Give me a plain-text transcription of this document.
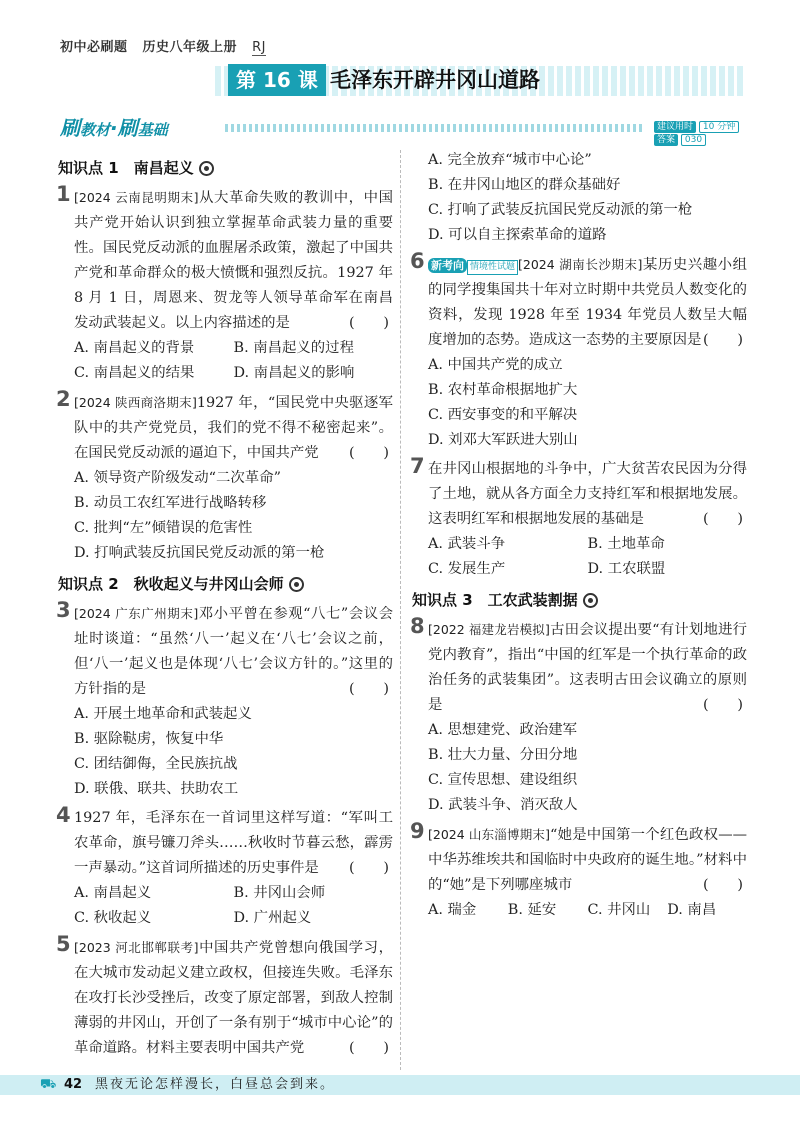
初中必刷题 历史八年级上册 RJ
第 16 课 毛泽东开辟井冈山道路
刷教材·刷基础	建议用时 10 分钟 答案 030
知识点 1　南昌起义
1 [2024 云南昆明期末]从大革命失败的教训中，中国共产党开始认识到独立掌握革命武装力量的重要性。国民党反动派的血腥屠杀政策，激起了中国共产党和革命群众的极大愤慨和强烈反抗。1927 年 8 月 1 日，周恩来、贺龙等人领导革命军在南昌发动武装起义。以上内容描述的是	(　　)
A. 南昌起义的背景	B. 南昌起义的过程
C. 南昌起义的结果	D. 南昌起义的影响
2 [2024 陕西商洛期末]1927 年，“国民党中央驱逐军队中的共产党党员，我们的党不得不秘密起来”。在国民党反动派的逼迫下，中国共产党 (　　)
A. 领导资产阶级发动“二次革命”
B. 动员工农红军进行战略转移
C. 批判“左”倾错误的危害性
D. 打响武装反抗国民党反动派的第一枪
知识点 2　秋收起义与井冈山会师
3 [2024 广东广州期末]邓小平曾在参观“八七”会议会址时谈道：“虽然‘八一’起义在‘八七’会议之前，但‘八一’起义也是体现‘八七’会议方针的。”这里的方针指的是	(　　)
A. 开展土地革命和武装起义
B. 驱除鞑虏，恢复中华
C. 团结御侮，全民族抗战
D. 联俄、联共、扶助农工
4 1927 年，毛泽东在一首词里这样写道：“军叫工农革命，旗号镰刀斧头……秋收时节暮云愁，霹雳一声暴动。”这首词所描述的历史事件是 (　　)
A. 南昌起义	B. 井冈山会师
C. 秋收起义	D. 广州起义
5 [2023 河北邯郸联考]中国共产党曾想向俄国学习，在大城市发动起义建立政权，但接连失败。毛泽东在攻打长沙受挫后，改变了原定部署，到敌人控制薄弱的井冈山，开创了一条有别于“城市中心论”的革命道路。材料主要表明中国共产党	(　　)
A. 完全放弃“城市中心论”
B. 在井冈山地区的群众基础好
C. 打响了武装反抗国民党反动派的第一枪
D. 可以自主探索革命的道路
6 新考向 情境性试题 [2024 湖南长沙期末]某历史兴趣小组的同学搜集国共十年对立时期中共党员人数变化的资料，发现 1928 年至 1934 年党员人数呈大幅度增加的态势。造成这一态势的主要原因是 (　　)
A. 中国共产党的成立
B. 农村革命根据地扩大
C. 西安事变的和平解决
D. 刘邓大军跃进大别山
7 在井冈山根据地的斗争中，广大贫苦农民因为分得了土地，就从各方面全力支持红军和根据地发展。这表明红军和根据地发展的基础是	(　　)
A. 武装斗争	B. 土地革命
C. 发展生产	D. 工农联盟
知识点 3　工农武装割据
8 [2022 福建龙岩模拟]古田会议提出要“有计划地进行党内教育”，指出“中国的红军是一个执行革命的政治任务的武装集团”。这表明古田会议确立的原则是	(　　)
A. 思想建党、政治建军
B. 壮大力量、分田分地
C. 宣传思想、建设组织
D. 武装斗争、消灭敌人
9 [2024 山东淄博期末]“她是中国第一个红色政权——中华苏维埃共和国临时中央政府的诞生地。”材料中的“她”是下列哪座城市	(　　)
A. 瑞金	B. 延安	C. 井冈山	D. 南昌
⛟ 42 黑夜无论怎样漫长，白昼总会到来。
